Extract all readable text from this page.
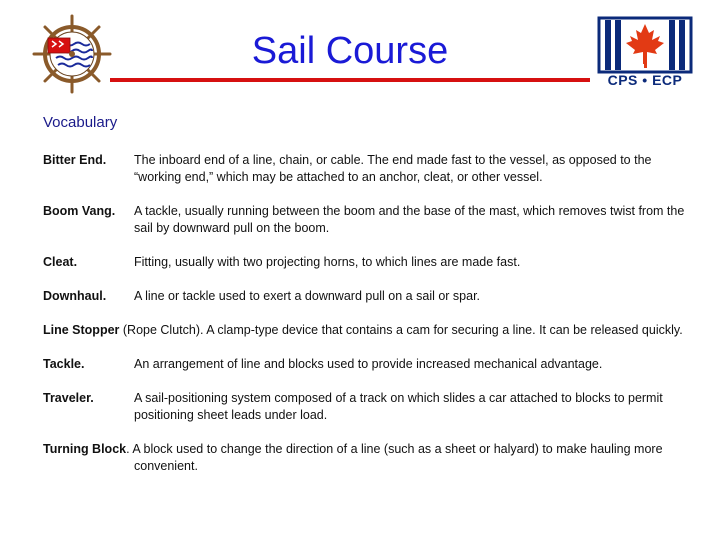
Sail Course
CPS • ECP
Vocabulary
Bitter End. The inboard end of a line, chain, or cable. The end made fast to the vessel, as opposed to the “working end,” which may be attached to an anchor, cleat, or other vessel.
Boom Vang. A tackle, usually running between the boom and the base of the mast, which removes twist from the sail by downward pull on the boom.
Cleat.	Fitting, usually with two projecting horns, to which lines are made fast.
Downhaul. A line or tackle used to exert a downward pull on a sail or spar.
Line Stopper (Rope Clutch). A clamp-type device that contains a cam for securing a line. It can be released quickly.
Tackle.	An arrangement of line and blocks used to provide increased mechanical advantage.
Traveler.	A sail-positioning system composed of a track on which slides a car attached to blocks to permit positioning sheet leads under load.
Turning Block. A block used to change the direction of a line (such as a sheet or halyard) to make hauling more convenient.
